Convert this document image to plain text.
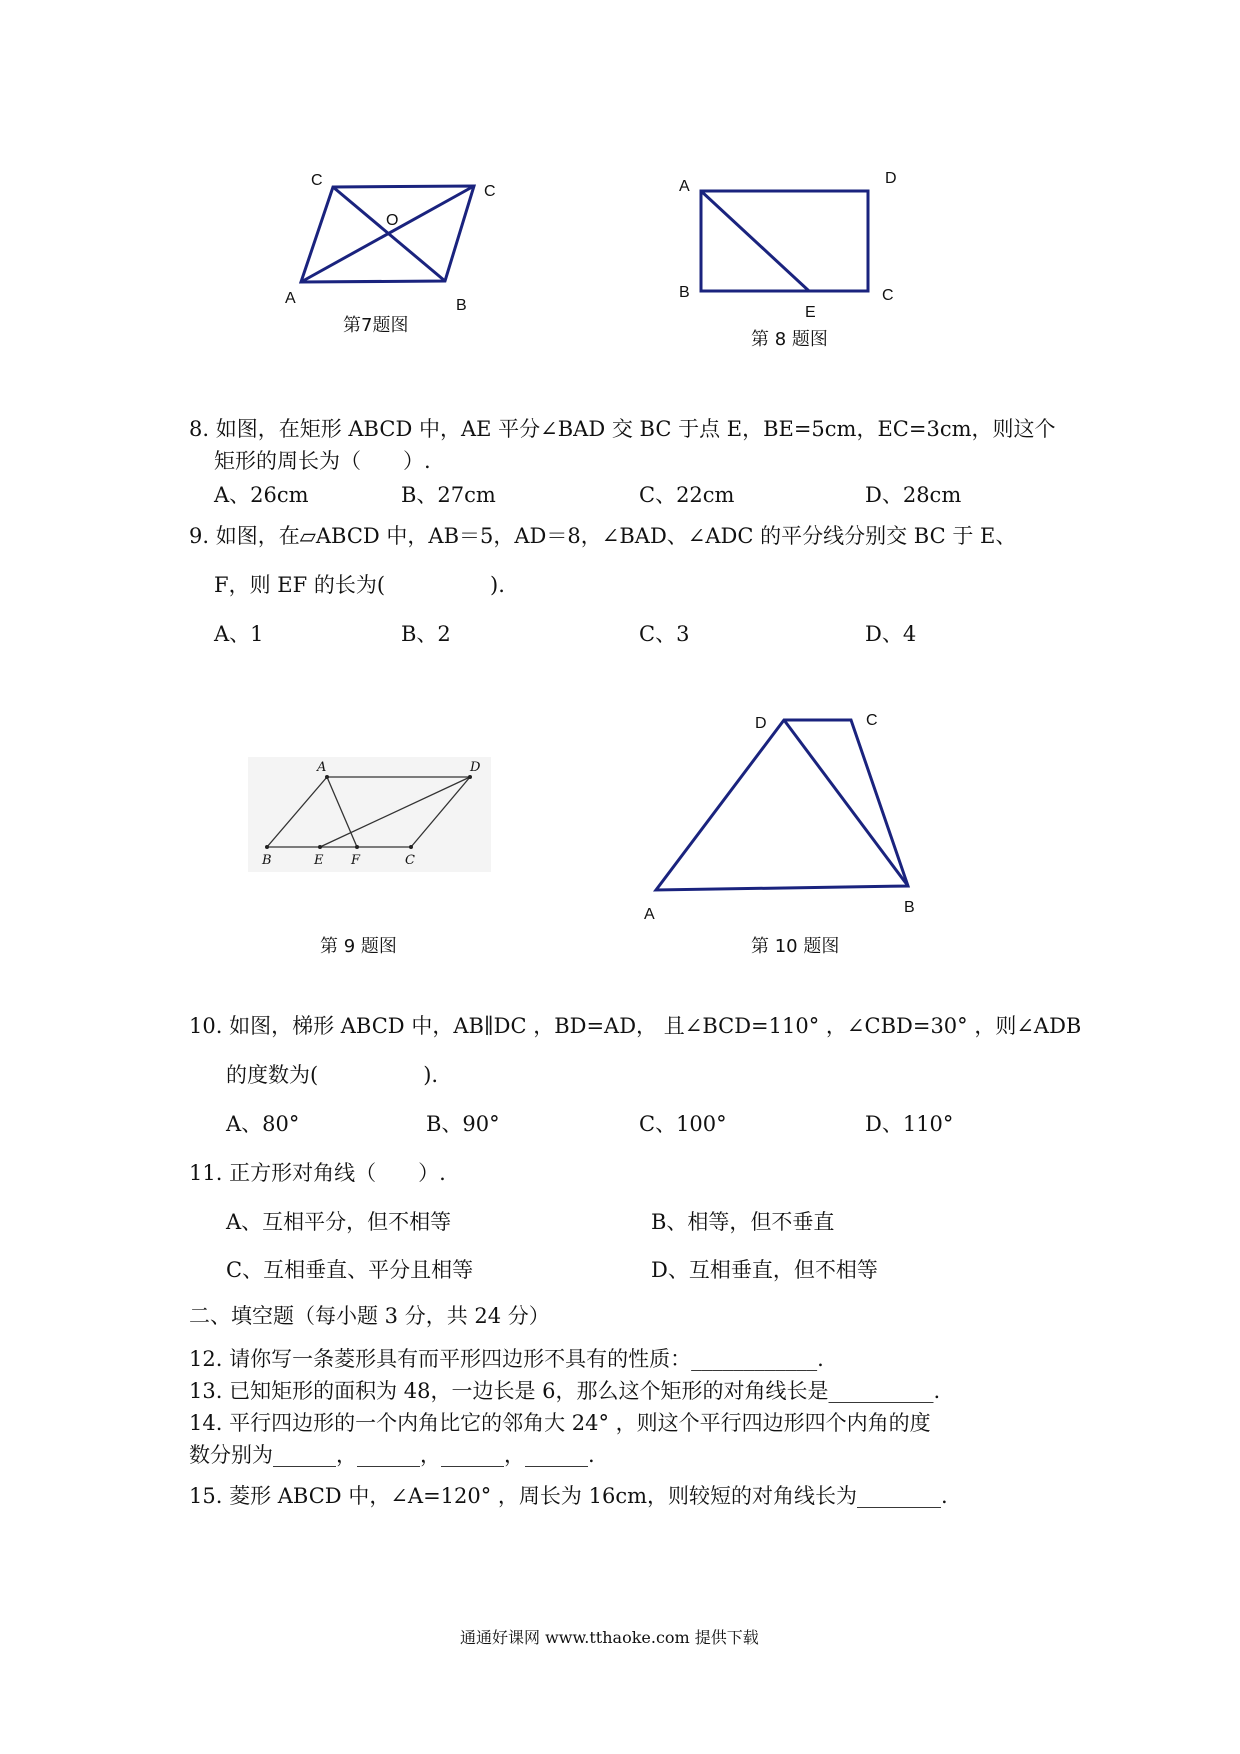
C
C
O
A	B
第7题图
A	D
B
E
C
第 8 题图
8. 如图，在矩形 ABCD 中，AE 平分∠BAD 交 BC 于点 E，BE=5cm，EC=3cm，则这个
矩形的周长为（　　）.
A、26cm	B、27cm	C、22cm	D、28cm
9. 如图，在▱ABCD 中，AB＝5，AD＝8，∠BAD、∠ADC 的平分线分别交 BC 于 E、
F，则 EF 的长为(　　　　　).
A、1	B、2	C、3	D、4
A	D
B	E F	C
第 9 题图
D	C
A	B
第 10 题图
10. 如图，梯形 ABCD 中，AB∥DC ，BD=AD， 且∠BCD=110° ，∠CBD=30° ，则∠ADB
的度数为(　　　　　).
A、80°	B、90°	C、100°	D、110°
11. 正方形对角线（　　）.
A、互相平分，但不相等	B、相等，但不垂直
C、互相垂直、平分且相等	D、互相垂直，但不相等
二、填空题（每小题 3 分，共 24 分）
12. 请你写一条菱形具有而平形四边形不具有的性质：____________.
13. 已知矩形的面积为 48，一边长是 6，那么这个矩形的对角线长是__________.
14. 平行四边形的一个内角比它的邻角大 24° ，则这个平行四边形四个内角的度
数分别为______，______，______，______.
15. 菱形 ABCD 中，∠A=120° ，周长为 16cm，则较短的对角线长为________.
通通好课网 www.tthaoke.com 提供下载
